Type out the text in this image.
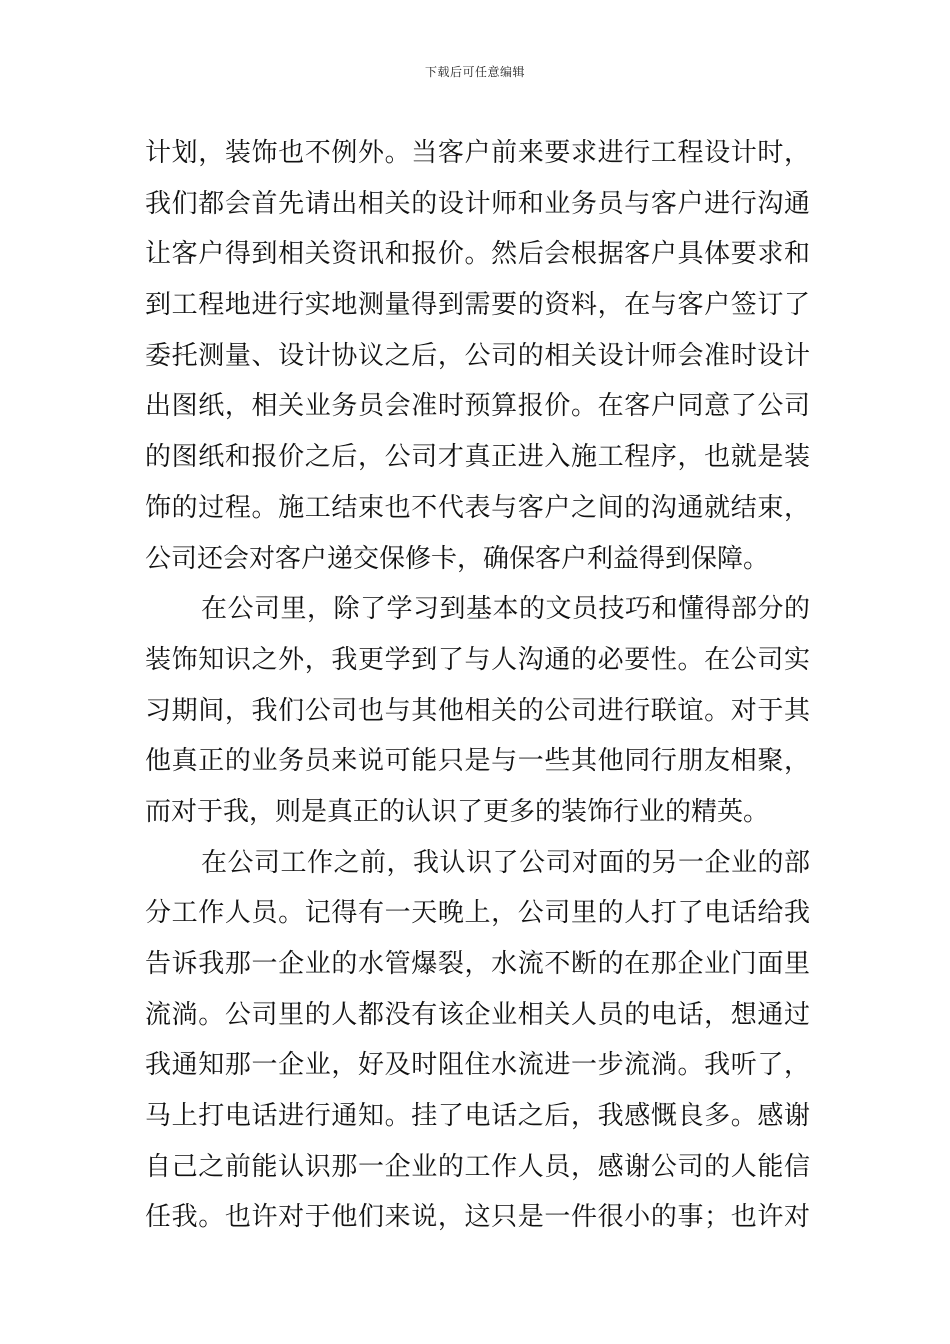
下载后可任意编辑
计划，装饰也不例外。当客户前来要求进行工程设计时，
我们都会首先请出相关的设计师和业务员与客户进行沟通
让客户得到相关资讯和报价。然后会根据客户具体要求和
到工程地进行实地测量得到需要的资料，在与客户签订了
委托测量、设计协议之后，公司的相关设计师会准时设计
出图纸，相关业务员会准时预算报价。在客户同意了公司
的图纸和报价之后，公司才真正进入施工程序，也就是装
饰的过程。施工结束也不代表与客户之间的沟通就结束，
公司还会对客户递交保修卡，确保客户利益得到保障。
在公司里，除了学习到基本的文员技巧和懂得部分的
装饰知识之外，我更学到了与人沟通的必要性。在公司实
习期间，我们公司也与其他相关的公司进行联谊。对于其
他真正的业务员来说可能只是与一些其他同行朋友相聚，
而对于我，则是真正的认识了更多的装饰行业的精英。
在公司工作之前，我认识了公司对面的另一企业的部
分工作人员。记得有一天晚上，公司里的人打了电话给我
告诉我那一企业的水管爆裂，水流不断的在那企业门面里
流淌。公司里的人都没有该企业相关人员的电话，想通过
我通知那一企业，好及时阻住水流进一步流淌。我听了，
马上打电话进行通知。挂了电话之后，我感慨良多。感谢
自己之前能认识那一企业的工作人员，感谢公司的人能信
任我。也许对于他们来说，这只是一件很小的事；也许对
